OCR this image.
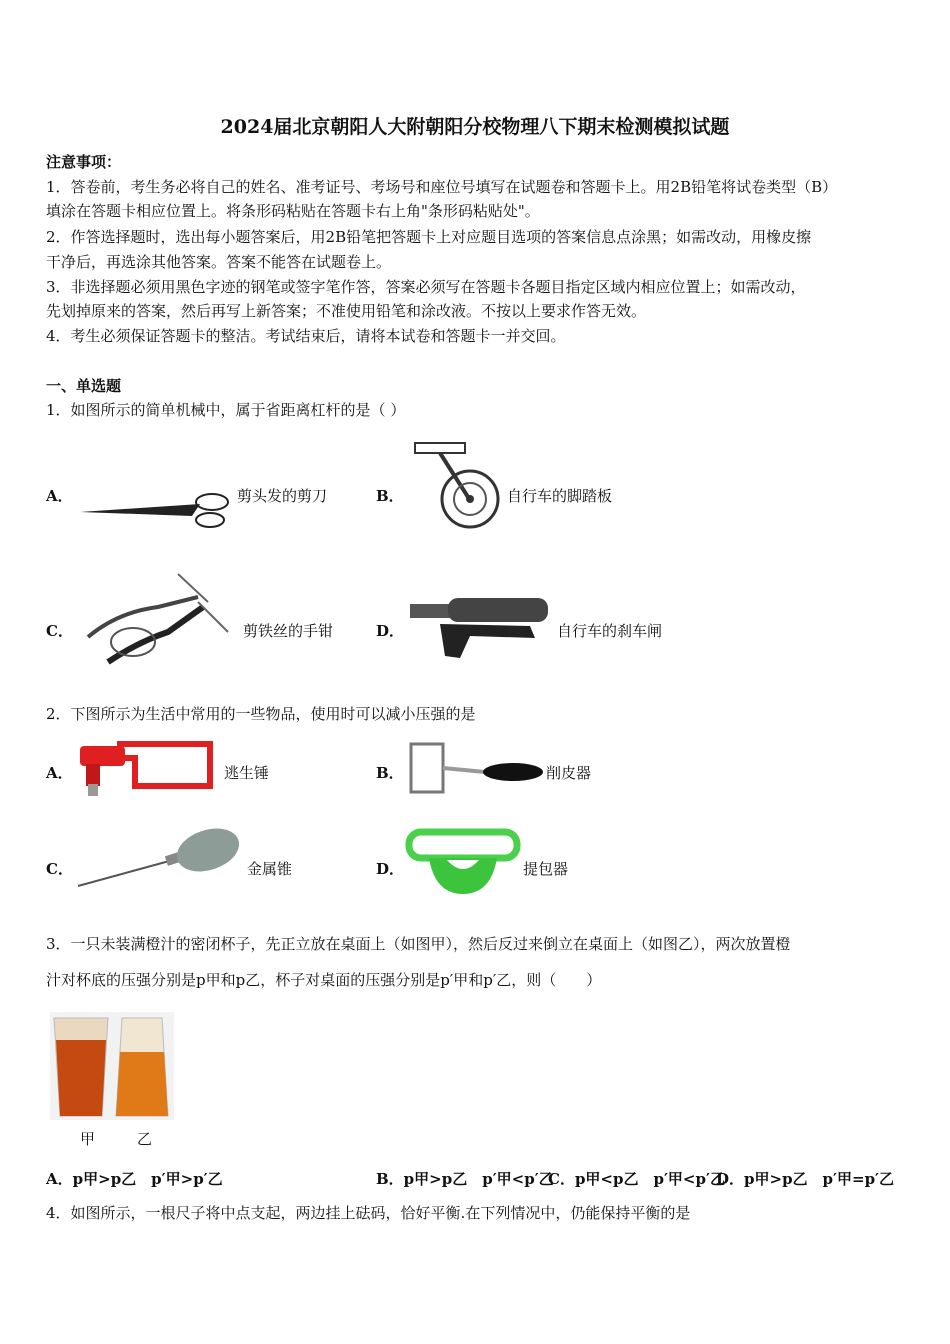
2024届北京朝阳人大附朝阳分校物理八下期末检测模拟试题
注意事项：
1．答卷前，考生务必将自己的姓名、准考证号、考场号和座位号填写在试题卷和答题卡上。用2B铅笔将试卷类型（B）
填涂在答题卡相应位置上。将条形码粘贴在答题卡右上角"条形码粘贴处"。
2．作答选择题时，选出每小题答案后，用2B铅笔把答题卡上对应题目选项的答案信息点涂黑；如需改动，用橡皮擦
干净后，再选涂其他答案。答案不能答在试题卷上。
3．非选择题必须用黑色字迹的钢笔或签字笔作答，答案必须写在答题卡各题目指定区域内相应位置上；如需改动，
先划掉原来的答案，然后再写上新答案；不准使用铅笔和涂改液。不按以上要求作答无效。
4．考生必须保证答题卡的整洁。考试结束后，请将本试卷和答题卡一并交回。
一、单选题
1．如图所示的简单机械中，属于省距离杠杆的是（ ）
A．	剪头发的剪刀	B．	自行车的脚踏板
C．	剪铁丝的手钳	D．	自行车的刹车闸
2．下图所示为生活中常用的一些物品，使用时可以减小压强的是
A．	逃生锤	B．	削皮器
C．	金属锥	D．	提包器
3．一只未装满橙汁的密闭杯子，先正立放在桌面上（如图甲），然后反过来倒立在桌面上（如图乙），两次放置橙
汁对杯底的压强分别是p甲和p乙，杯子对桌面的压强分别是p′甲和p′乙，则（　　）
甲	乙
A．p甲>p乙　p′甲>p′乙	B．p甲>p乙　p′甲<p′乙
C．p甲<p乙　p′甲<p′乙
D．p甲>p乙　p′甲=p′乙
4．如图所示，一根尺子将中点支起，两边挂上砝码，恰好平衡.在下列情况中，仍能保持平衡的是
